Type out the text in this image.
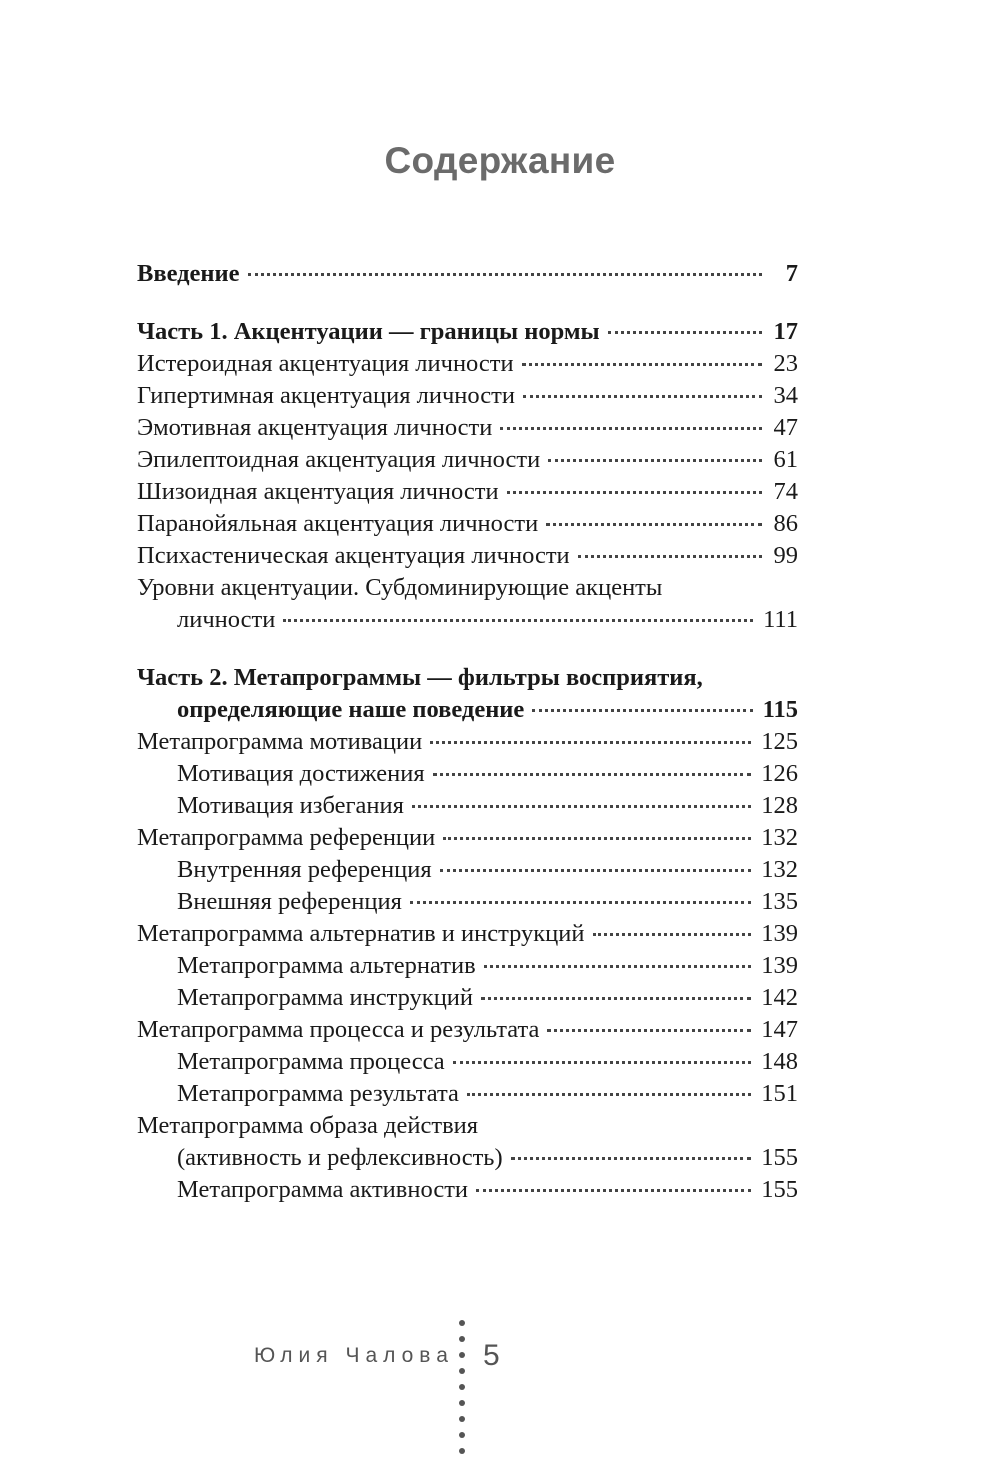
Содержание
Введение	7
Часть 1. Акцентуации — границы нормы	17
Истероидная акцентуация личности	23
Гипертимная акцентуация личности	34
Эмотивная акцентуация личности	47
Эпилептоидная акцентуация личности	61
Шизоидная акцентуация личности	74
Паранойяльная акцентуация личности	86
Психастеническая акцентуация личности	99
Уровни акцентуации. Субдоминирующие акценты
личности	111
Часть 2. Метапрограммы — фильтры восприятия,
определяющие наше поведение	115
Метапрограмма мотивации	125
Мотивация достижения	126
Мотивация избегания	128
Метапрограмма референции	132
Внутренняя референция	132
Внешняя референция	135
Метапрограмма альтернатив и инструкций	139
Метапрограмма альтернатив	139
Метапрограмма инструкций	142
Метапрограмма процесса и результата	147
Метапрограмма процесса	148
Метапрограмма результата	151
Метапрограмма образа действия
(активность и рефлексивность)	155
Метапрограмма активности	155
Юлия Чалова 5
